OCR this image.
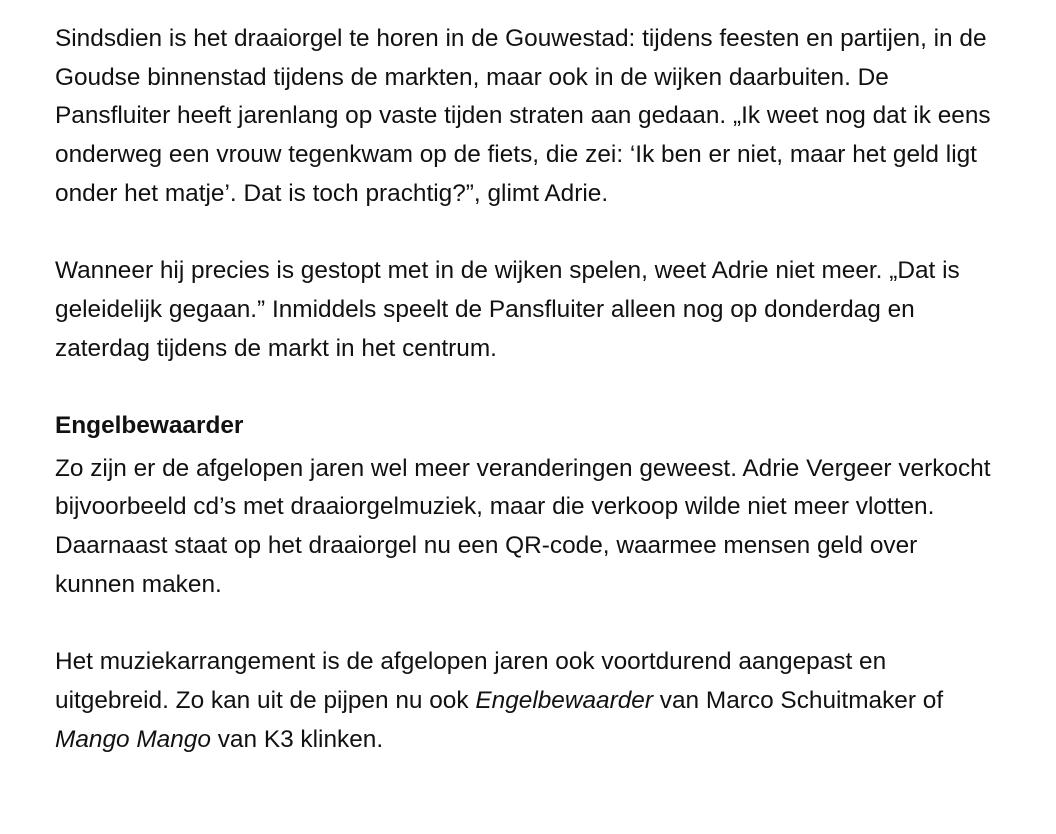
Sindsdien is het draaiorgel te horen in de Gouwestad: tijdens feesten en partijen, in de Goudse binnenstad tijdens de markten, maar ook in de wijken daarbuiten. De Pansfluiter heeft jarenlang op vaste tijden straten aan gedaan. „Ik weet nog dat ik eens onderweg een vrouw tegenkwam op de fiets, die zei: ‘Ik ben er niet, maar het geld ligt onder het matje’. Dat is toch prachtig?”, glimt Adrie.

Wanneer hij precies is gestopt met in de wijken spelen, weet Adrie niet meer. „Dat is geleidelijk gegaan.” Inmiddels speelt de Pansfluiter alleen nog op donderdag en zaterdag tijdens de markt in het centrum.

Engelbewaarder

Zo zijn er de afgelopen jaren wel meer veranderingen geweest. Adrie Vergeer verkocht bijvoorbeeld cd’s met draaiorgelmuziek, maar die verkoop wilde niet meer vlotten. Daarnaast staat op het draaiorgel nu een QR-code, waarmee mensen geld over kunnen maken.

Het muziekarrangement is de afgelopen jaren ook voortdurend aangepast en uitgebreid. Zo kan uit de pijpen nu ook Engelbewaarder van Marco Schuitmaker of Mango Mango van K3 klinken.
